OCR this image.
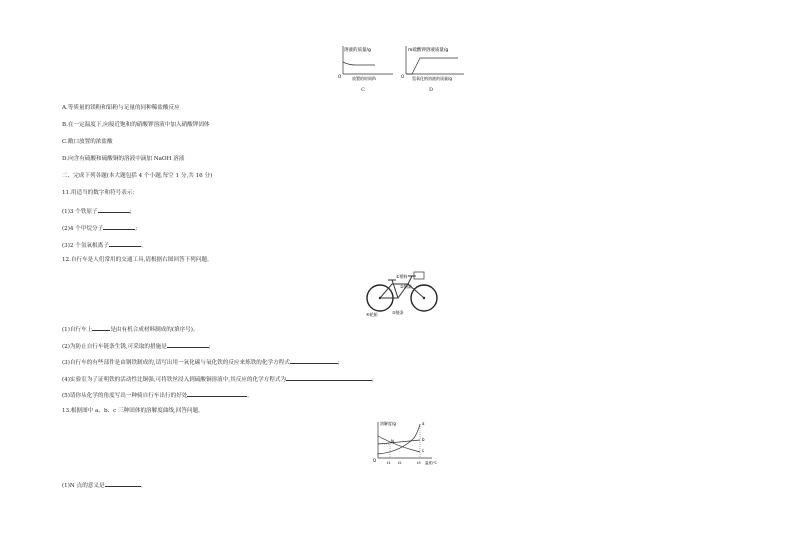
溶液的质量/g
O	放置的时间/h
C
m硫酸钾溶液质量/g
O 氢氧化钠溶液的质量/g
D
A.等质量的镁粉和铝粉与足量的同种稀盐酸反应
B.在一定温度下,向接近饱和的硝酸钾溶液中加入硝酸钾固体
C.敞口放置的浓盐酸
D.向含有硫酸和硫酸铜的溶液中滴加 NaOH 溶液
二、完成下列各题(本大题包括 4 个小题,每空 1 分,共 16 分)
11.用适当的数字和符号表示:
(1)3 个铁原子	;
(2)4 个甲烷分子	;
(3)2 个氢氧根离子	。
12.自行车是人们常用的交通工具,请根据右图回答下列问题。
①塑料
④轮胎	③链条
②钢架
(1)自行车上	是由有机合成材料制成的(填序号)。
(2)为防止自行车链条生锈,可采取的措施是	;
(3)自行车的有些部件是由钢铁制成的,请写出用一氧化碳与氧化铁的反应来炼铁的化学方程式	;
(4)实验室为了证明铁的活动性比铜强,可将铁丝浸入到硫酸铜溶液中,其反应的化学方程式为	;
(5)请你从化学的角度写出一种骑自行车出行的好处	。
13.根据图中 a、b、c 三种固体的溶解度曲线,回答问题。
溶解度/g	a
b
c
N
O	t1 t2	t3 温度/℃
(1)N 点的意义是	。
